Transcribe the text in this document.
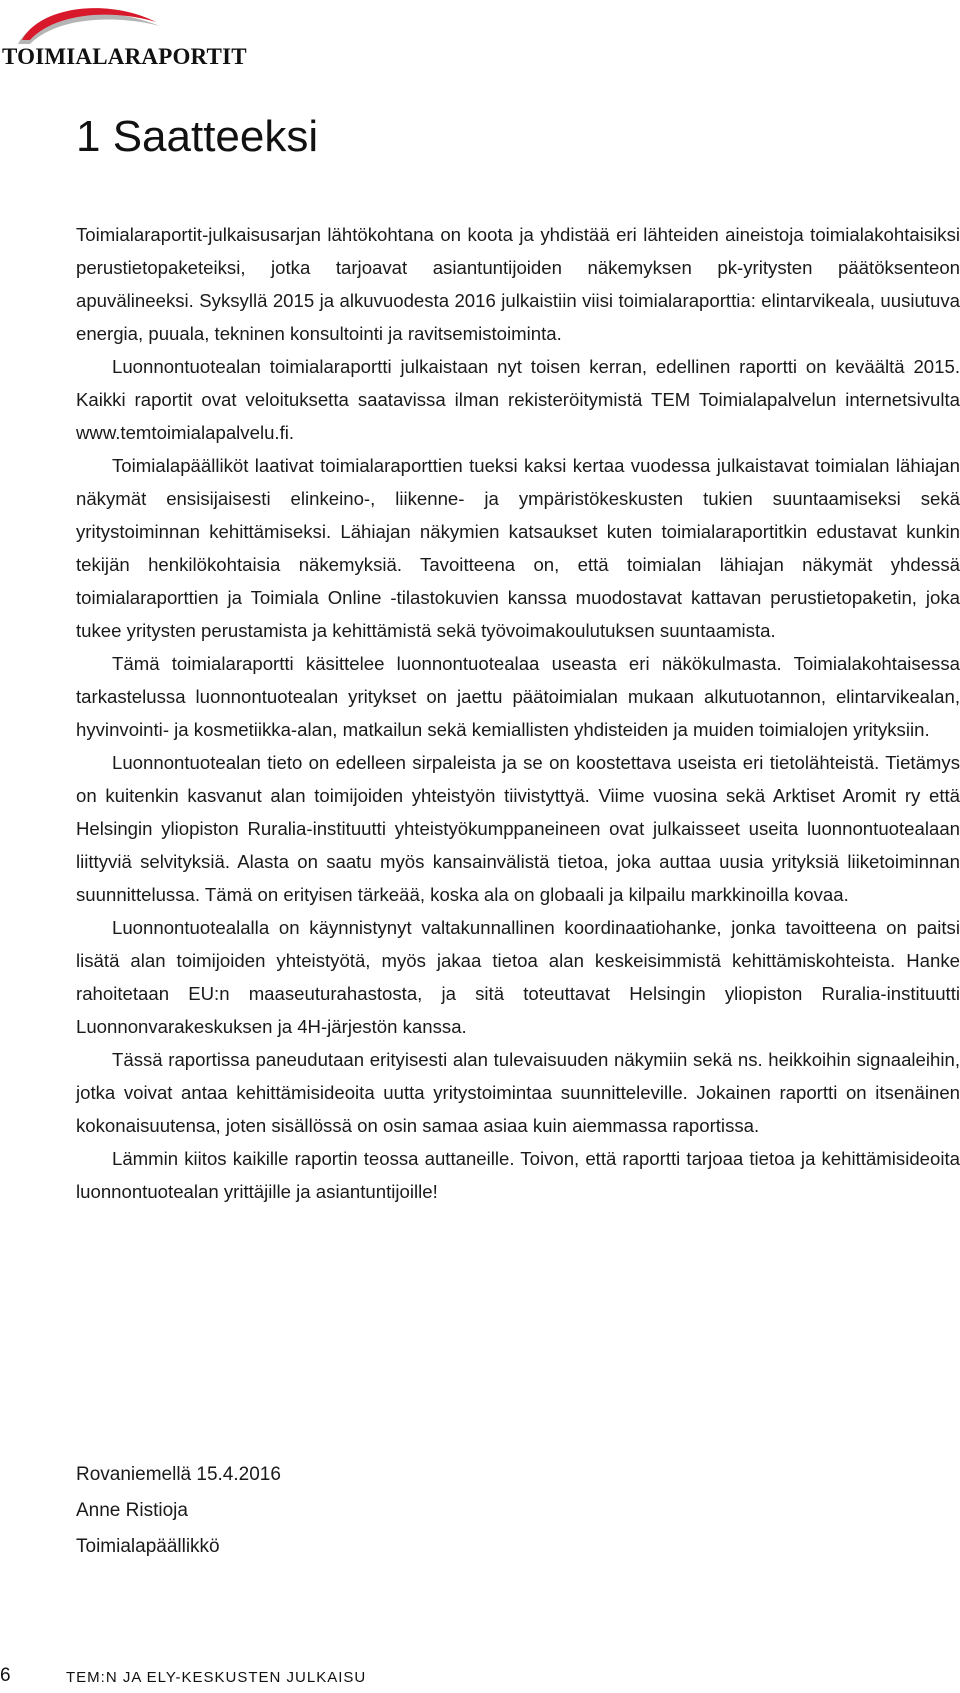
TOIMIALARAPORTIT
1 Saatteeksi

Toimialaraportit-julkaisusarjan lähtökohtana on koota ja yhdistää eri lähteiden aineistoja toimialakohtaisiksi perustietopaketeiksi, jotka tarjoavat asiantuntijoiden näkemyksen pk-yritysten päätöksenteon apuvälineeksi. Syksyllä 2015 ja alkuvuodesta 2016 julkaistiin viisi toimialaraporttia: elintarvikeala, uusiutuva energia, puuala, tekninen konsultointi ja ravitsemistoiminta.

Luonnontuotealan toimialaraportti julkaistaan nyt toisen kerran, edellinen raportti on keväältä 2015. Kaikki raportit ovat veloituksetta saatavissa ilman rekisteröitymistä TEM Toimialapalvelun internetsivulta www.temtoimialapalvelu.fi.

Toimialapäälliköt laativat toimialaraporttien tueksi kaksi kertaa vuodessa julkaistavat toimialan lähiajan näkymät ensisijaisesti elinkeino-, liikenne- ja ympäristökeskusten tukien suuntaamiseksi sekä yritystoiminnan kehittämiseksi. Lähiajan näkymien katsaukset kuten toimialaraportitkin edustavat kunkin tekijän henkilökohtaisia näkemyksiä. Tavoitteena on, että toimialan lähiajan näkymät yhdessä toimialaraporttien ja Toimiala Online -tilastokuvien kanssa muodostavat kattavan perustietopaketin, joka tukee yritysten perustamista ja kehittämistä sekä työvoimakoulutuksen suuntaamista.

Tämä toimialaraportti käsittelee luonnontuotealaa useasta eri näkökulmasta. Toimialakohtaisessa tarkastelussa luonnontuotealan yritykset on jaettu päätoimialan mukaan alkutuotannon, elintarvikealan, hyvinvointi- ja kosmetiikka-alan, matkailun sekä kemiallisten yhdisteiden ja muiden toimialojen yrityksiin.

Luonnontuotealan tieto on edelleen sirpaleista ja se on koostettava useista eri tietolähteistä. Tietämys on kuitenkin kasvanut alan toimijoiden yhteistyön tiivistyttyä. Viime vuosina sekä Arktiset Aromit ry että Helsingin yliopiston Ruralia-instituutti yhteistyökumppaneineen ovat julkaisseet useita luonnontuotealaan liittyviä selvityksiä. Alasta on saatu myös kansainvälistä tietoa, joka auttaa uusia yrityksiä liiketoiminnan suunnittelussa. Tämä on erityisen tärkeää, koska ala on globaali ja kilpailu markkinoilla kovaa.

Luonnontuotealalla on käynnistynyt valtakunnallinen koordinaatiohanke, jonka tavoitteena on paitsi lisätä alan toimijoiden yhteistyötä, myös jakaa tietoa alan keskeisimmistä kehittämiskohteista. Hanke rahoitetaan EU:n maaseuturahastosta, ja sitä toteuttavat Helsingin yliopiston Ruralia-instituutti Luonnonvarakeskuksen ja 4H-järjestön kanssa.

Tässä raportissa paneudutaan erityisesti alan tulevaisuuden näkymiin sekä ns. heikkoihin signaaleihin, jotka voivat antaa kehittämisideoita uutta yritystoimintaa suunnitteleville. Jokainen raportti on itsenäinen kokonaisuutensa, joten sisällössä on osin samaa asiaa kuin aiemmassa raportissa.

Lämmin kiitos kaikille raportin teossa auttaneille. Toivon, että raportti tarjoaa tietoa ja kehittämisideoita luonnontuotealan yrittäjille ja asiantuntijoille!

Rovaniemellä 15.4.2016
Anne Ristioja
Toimialapäällikkö
6	TEM:N JA ELY-KESKUSTEN JULKAISU
